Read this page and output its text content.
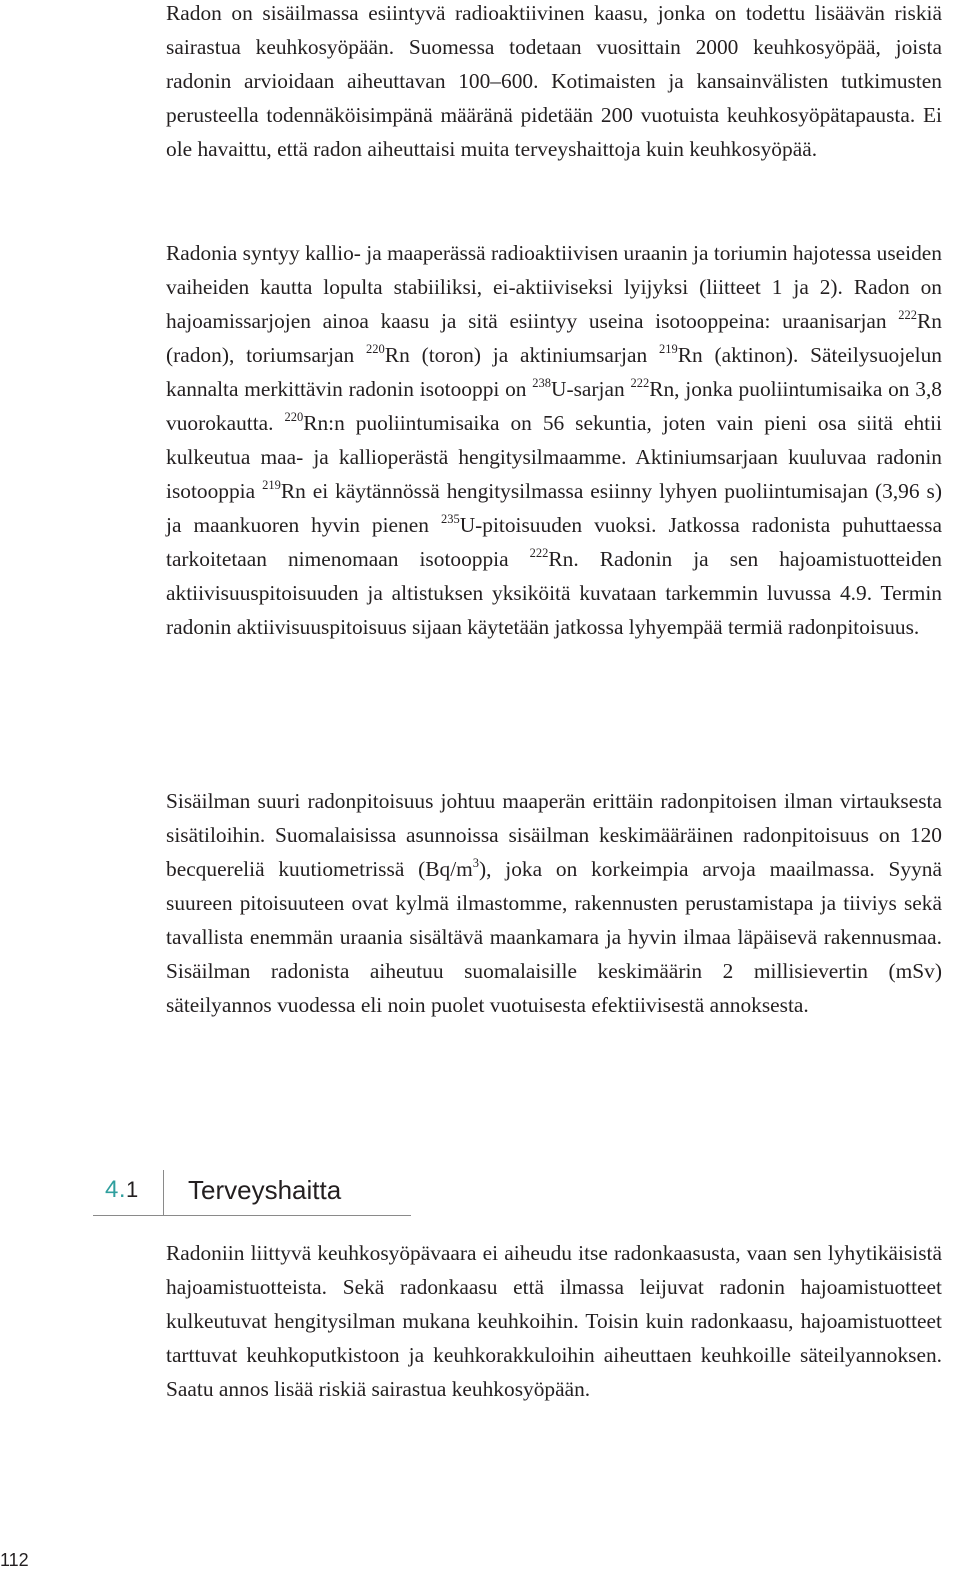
Radon on sisäilmassa esiintyvä radioaktiivinen kaasu, jonka on todettu lisäävän riskiä sairastua keuhkosyöpään. Suomessa todetaan vuosittain 2000 keuhkosyöpää, joista radonin arvioidaan aiheuttavan 100–600. Kotimaisten ja kansainvälisten tutkimusten perusteella todennäköisimpänä määränä pidetään 200 vuotuista keuhkosyöpätapausta. Ei ole havaittu, että radon aiheuttaisi muita terveyshaittoja kuin keuhkosyöpää.

Radonia syntyy kallio- ja maaperässä radioaktiivisen uraanin ja toriumin hajotessa useiden vaiheiden kautta lopulta stabiiliksi, ei-aktiiviseksi lyijyksi (liitteet 1 ja 2). Radon on hajoamissarjojen ainoa kaasu ja sitä esiintyy useina isotooppeina: uraanisarjan $^{222}$Rn (radon), toriumsarjan $^{220}$Rn (toron) ja aktiniumsarjan $^{219}$Rn (aktinon). Säteilysuojelun kannalta merkittävin radonin isotooppi on $^{238}$U-sarjan $^{222}$Rn, jonka puoliintumisaika on 3,8 vuorokautta. $^{220}$Rn:n puoliintumisaika on 56 sekuntia, joten vain pieni osa siitä ehtii kulkeutua maa- ja kallioperästä hengitysilmaamme. Aktiniumsarjaan kuuluvaa radonin isotooppia $^{219}$Rn ei käytännössä hengitysilmassa esiinny lyhyen puoliintumisajan (3,96 s) ja maankuoren hyvin pienen $^{235}$U-pitoisuuden vuoksi. Jatkossa radonista puhuttaessa tarkoitetaan nimenomaan isotooppia $^{222}$Rn. Radonin ja sen hajoamistuotteiden aktiivisuuspitoisuuden ja altistuksen yksiköitä kuvataan tarkemmin luvussa 4.9. Termin radonin aktiivisuuspitoisuus sijaan käytetään jatkossa lyhyempää termiä radonpitoisuus.

Sisäilman suuri radonpitoisuus johtuu maaperän erittäin radonpitoisen ilman virtauksesta sisätiloihin. Suomalaisissa asunnoissa sisäilman keskimääräinen radonpitoisuus on 120 becquereliä kuutiometrissä $(Bq/m^3)$, joka on korkeimpia arvoja maailmassa. Syynä suureen pitoisuuteen ovat kylmä ilmastomme, rakennusten perustamistapa ja tiiviys sekä tavallista enemmän uraania sisältävä maankamara ja hyvin ilmaa läpäisevä rakennusmaa. Sisäilman radonista aiheutuu suomalaisille keskimäärin 2 millisievertin (mSv) säteilyannos vuodessa eli noin puolet vuotuisesta efektiivisestä annoksesta.

4.1 Terveyshaitta

Radoniin liittyvä keuhkosyöpävaara ei aiheudu itse radonkaasusta, vaan sen lyhytikäisistä hajoamistuotteista. Sekä radonkaasu että ilmassa leijuvat radonin hajoamistuotteet kulkeutuvat hengitysilman mukana keuhkoihin. Toisin kuin radonkaasu, hajoamistuotteet tarttuvat keuhkoputkistoon ja keuhkorakkuloihin aiheuttaen keuhkoille säteilyannoksen. Saatu annos lisää riskiä sairastua keuhkosyöpään.

112
